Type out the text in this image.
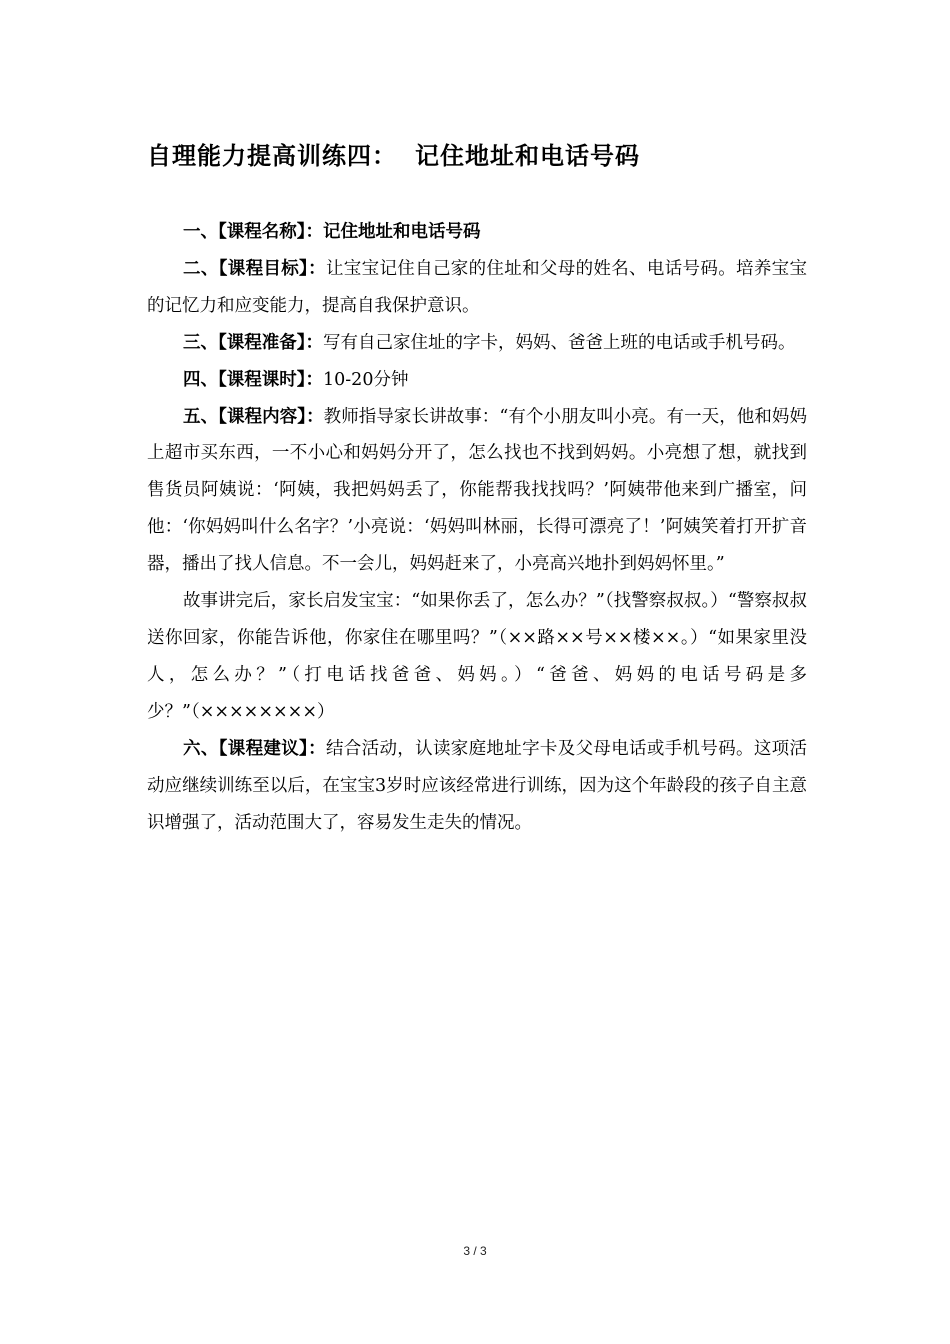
自理能力提高训练四： 记住地址和电话号码

一、【课程名称】：记住地址和电话号码

二、【课程目标】：让宝宝记住自己家的住址和父母的姓名、电话号码。培养宝宝的记忆力和应变能力，提高自我保护意识。

三、【课程准备】：写有自己家住址的字卡，妈妈、爸爸上班的电话或手机号码。

四、【课程课时】：10-20分钟

五、【课程内容】：教师指导家长讲故事：“有个小朋友叫小亮。有一天，他和妈妈上超市买东西，一不小心和妈妈分开了，怎么找也不找到妈妈。小亮想了想，就找到售货员阿姨说：‘阿姨，我把妈妈丢了，你能帮我找找吗？’阿姨带他来到广播室，问他：‘你妈妈叫什么名字？’小亮说：‘妈妈叫林丽，长得可漂亮了！’阿姨笑着打开扩音器，播出了找人信息。不一会儿，妈妈赶来了，小亮高兴地扑到妈妈怀里。”

故事讲完后，家长启发宝宝：“如果你丢了，怎么办？”（找警察叔叔。）“警察叔叔送你回家，你能告诉他，你家住在哪里吗？”（××路××号××楼××。）“如果家里没人，怎么办？”（打电话找爸爸、妈妈。）“爸爸、妈妈的电话号码是多少？”（××××××××）

六、【课程建议】：结合活动，认读家庭地址字卡及父母电话或手机号码。这项活动应继续训练至以后，在宝宝3岁时应该经常进行训练，因为这个年龄段的孩子自主意识增强了，活动范围大了，容易发生走失的情况。

3 / 3
